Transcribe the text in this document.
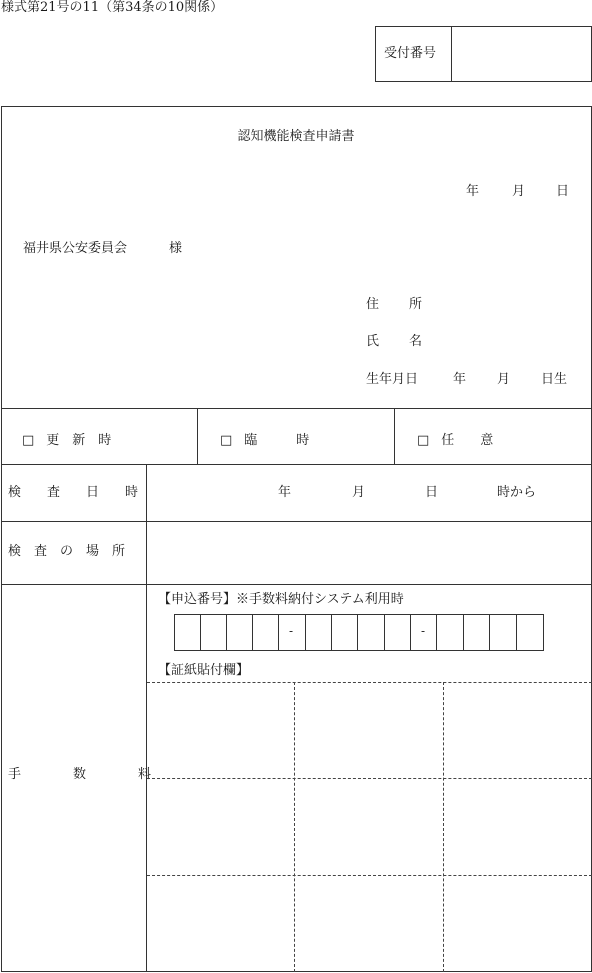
様式第21号の11（第34条の10関係）
受付番号
認知機能検査申請書
年	月 日
福井県公安委員会	様
住 所
氏 名
生年月日	年 月 日生
□ 更　新　時	□ 臨　　　時	□ 任　　意
検　　査　　日　　時	年	月	日	時から
検　査　の　場　所
手　　　　数　　　　料
【申込番号】※手数料納付システム利用時
-	-
【証紙貼付欄】
